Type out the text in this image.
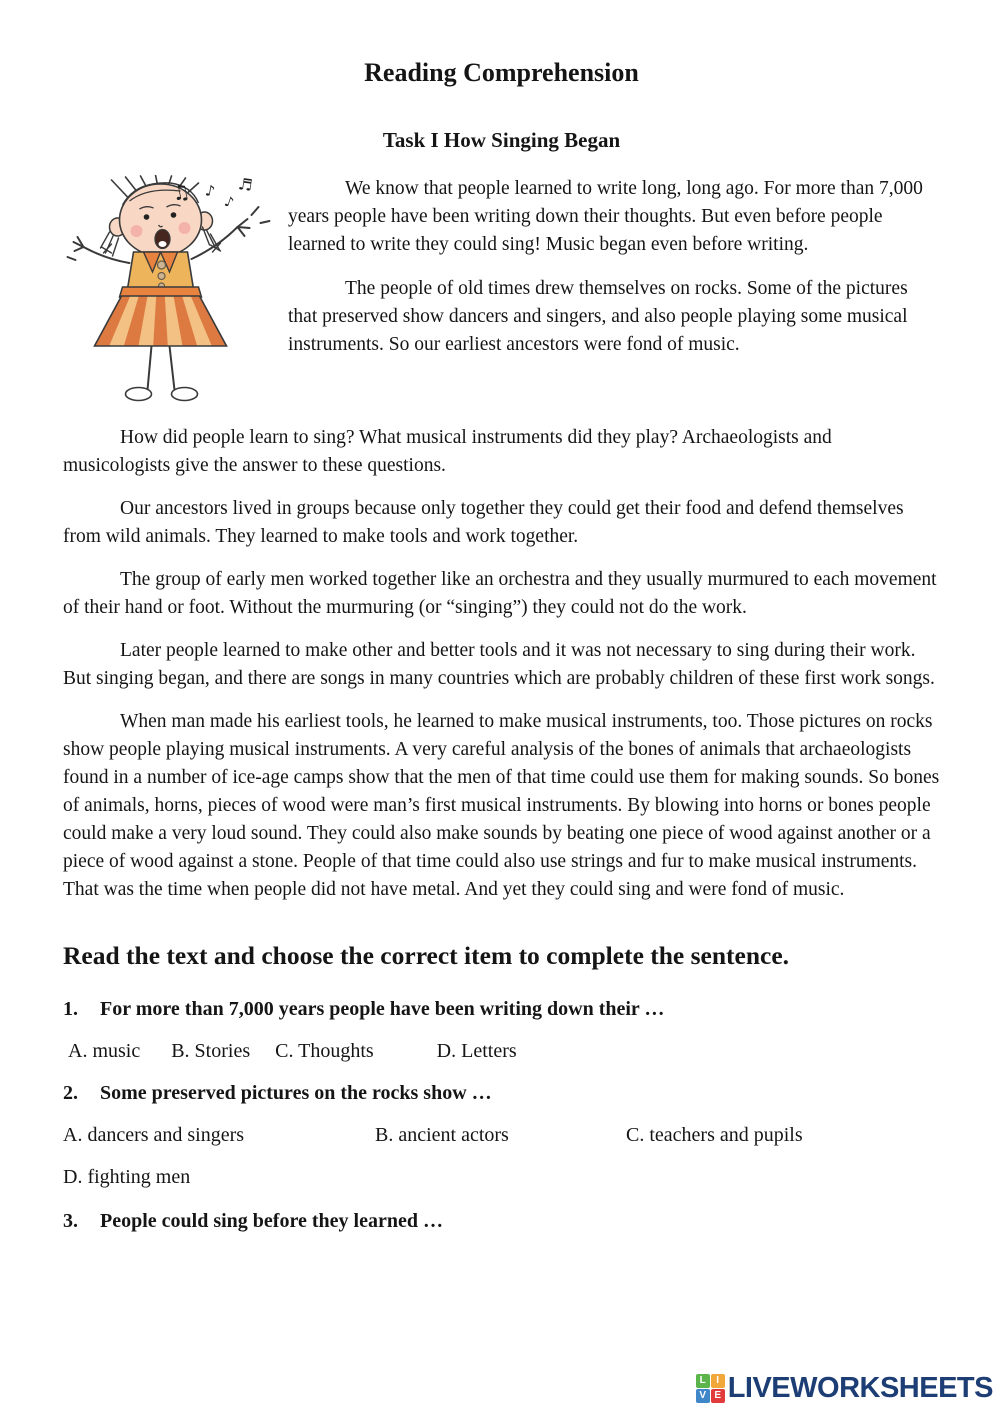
Reading Comprehension
Task I How Singing Began
♫ ♪
♪
♬	We know that people learned to write long, long ago. For more than 7,000 years people have been writing down their thoughts. But even before people learned to write they could sing! Music began even before writing.

The people of old times drew themselves on rocks. Some of the pictures that preserved show dancers and singers, and also people playing some musical instruments. So our earliest ancestors were fond of music.

How did people learn to sing? What musical instruments did they play? Archaeologists and musicologists give the answer to these questions.

Our ancestors lived in groups because only together they could get their food and defend themselves from wild animals. They learned to make tools and work together.

The group of early men worked together like an orchestra and they usually murmured to each movement of their hand or foot. Without the murmuring (or “singing”) they could not do the work.

Later people learned to make other and better tools and it was not necessary to sing during their work. But singing began, and there are songs in many countries which are probably children of these first work songs.

When man made his earliest tools, he learned to make musical instruments, too. Those pictures on rocks show people playing musical instruments. A very careful analysis of the bones of animals that archaeologists found in a number of ice-age camps show that the men of that time could use them for making sounds. So bones of animals, horns, pieces of wood were man’s first musical instruments. By blowing into horns or bones people could make a very loud sound. They could also make sounds by beating one piece of wood against another or a piece of wood against a stone. People of that time could also use strings and fur to make musical instruments. That was the time when people did not have metal. And yet they could sing and were fond of music.

Read the text and choose the correct item to complete the sentence.
1.	For more than 7,000 years people have been writing down their …
A. music B. Stories C. Thoughts	D. Letters
2.	Some preserved pictures on the rocks show …
A. dancers and singers	B. ancient actors	C. teachers and pupils
D. fighting men
3.	People could sing before they learned …
L	I
V E LIVEWORKSHEETS
